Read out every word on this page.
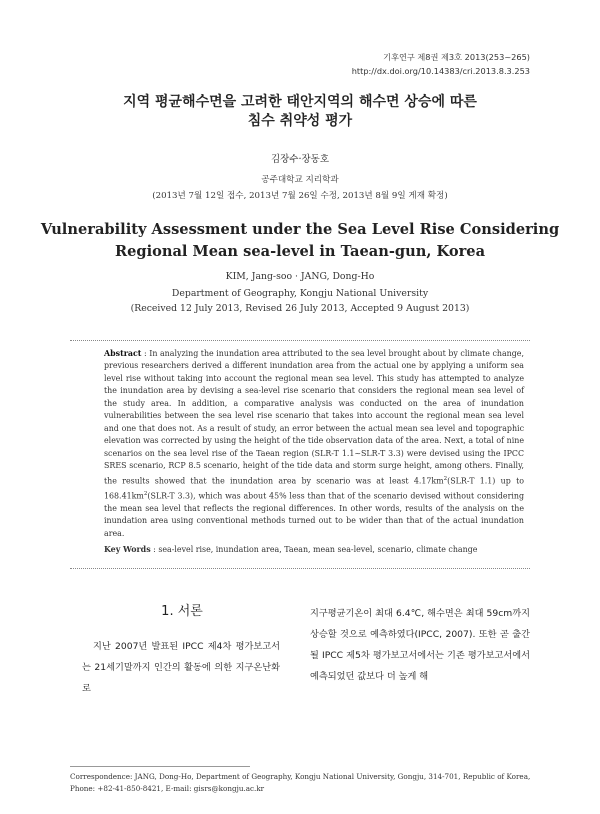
기후연구 제8권 제3호 2013(253~265)
http://dx.doi.org/10.14383/cri.2013.8.3.253
지역 평균해수면을 고려한 태안지역의 해수면 상승에 따른
침수 취약성 평가
김장수·장동호
공주대학교 지리학과
(2013년 7월 12일 접수, 2013년 7월 26일 수정, 2013년 8월 9일 게재 확정)
Vulnerability Assessment under the Sea Level Rise Considering
Regional Mean sea-level in Taean-gun, Korea
KIM, Jang-soo · JANG, Dong-Ho
Department of Geography, Kongju National University
(Received 12 July 2013, Revised 26 July 2013, Accepted 9 August 2013)
Abstract : In analyzing the inundation area attributed to the sea level brought about by climate change, previous researchers derived a different inundation area from the actual one by applying a uniform sea level rise without taking into account the regional mean sea level. This study has attempted to analyze the inundation area by devising a sea-level rise scenario that considers the regional mean sea level of the study area. In addition, a comparative analysis was conducted on the area of inundation vulnerabilities between the sea level rise scenario that takes into account the regional mean sea level and one that does not. As a result of study, an error between the actual mean sea level and topographic elevation was corrected by using the height of the tide observation data of the area. Next, a total of nine scenarios on the sea level rise of the Taean region (SLR-T 1.1~SLR-T 3.3) were devised using the IPCC SRES scenario, RCP 8.5 scenario, height of the tide data and storm surge height, among others. Finally, the results showed that the inundation area by scenario was at least $4.17km^2(SLR-T$ 1.1) up to $168.41km^2(SLR-T$ 3.3), which was about 45% less than that of the scenario devised without considering the mean sea level that reflects the regional differences. In other words, results of the analysis on the inundation area using conventional methods turned out to be wider than that of the actual inundation area.
Key Words : sea-level rise, inundation area, Taean, mean sea-level, scenario, climate change
1. 서론
지난 2007년 발표된 IPCC 제4차 평가보고서는 21세기말까지 인간의 활동에 의한 지구온난화로
지구평균기온이 최대 6.4℃, 해수면은 최대 59cm까지 상승할 것으로 예측하였다(IPCC, 2007). 또한 곧 출간될 IPCC 제5차 평가보고서에서는 기존 평가보고서에서 예측되었던 값보다 더 높게 해
Correspondence: JANG, Dong-Ho, Department of Geography, Kongju National University, Gongju, 314-701, Republic of Korea, Phone: +82-41-850-8421, E-mail: gisrs@kongju.ac.kr
